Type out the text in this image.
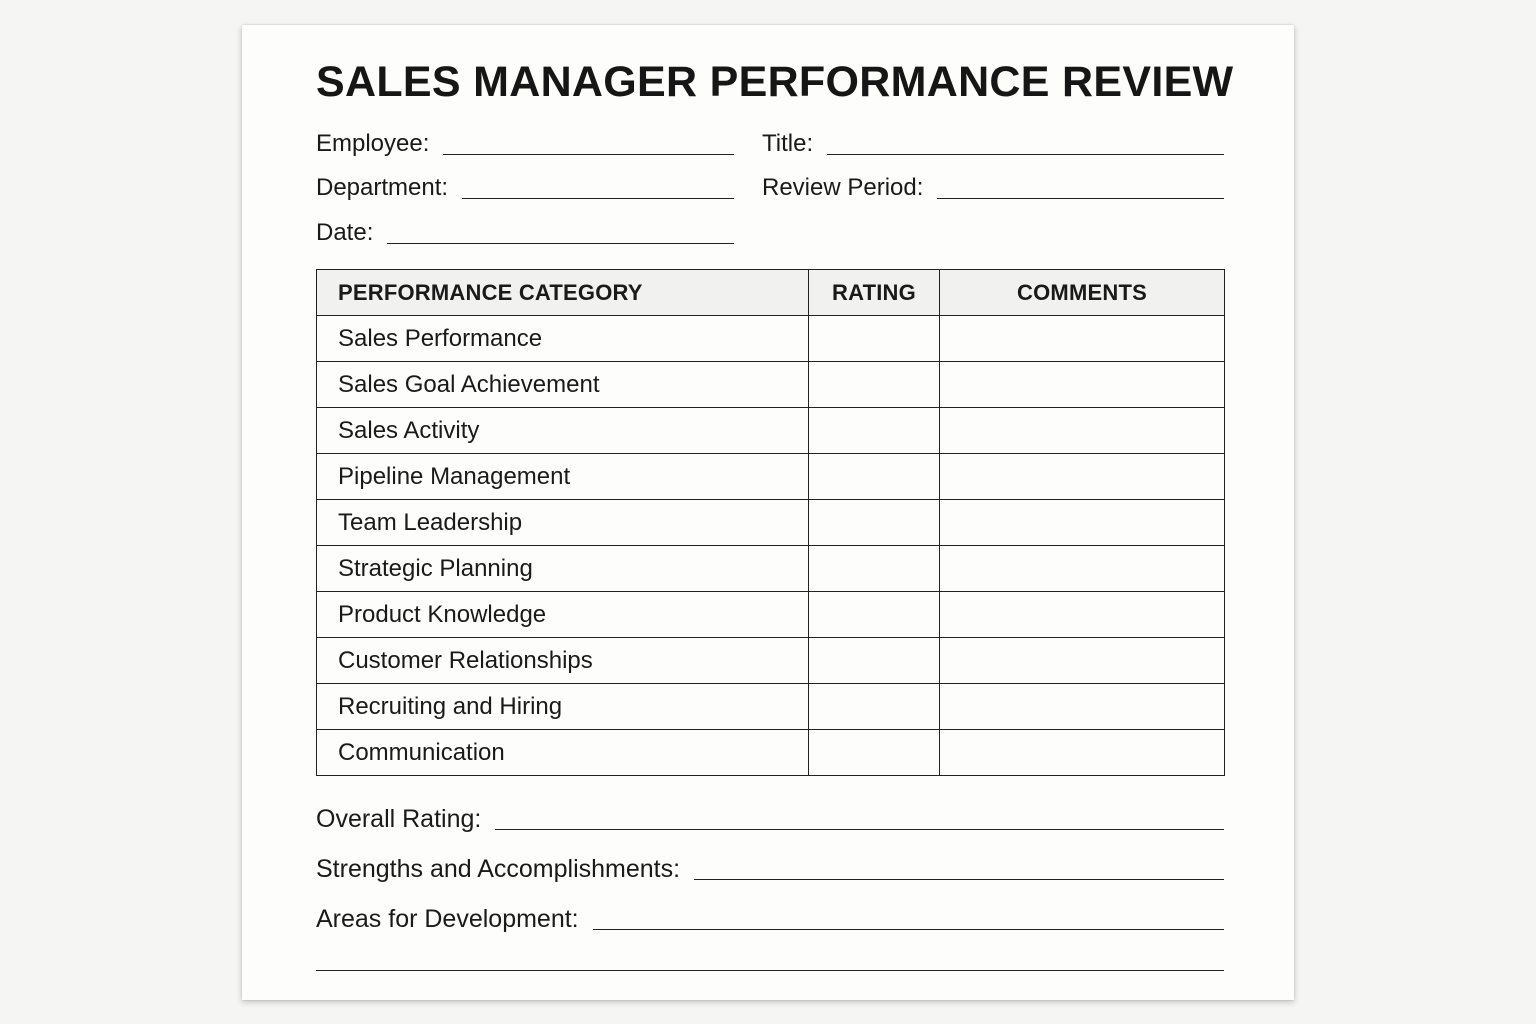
SALES MANAGER PERFORMANCE REVIEW
Employee:	Title:
Department:	Review Period:
Date:
PERFORMANCE CATEGORY	RATING	COMMENTS
Sales Performance		
Sales Goal Achievement		
Sales Activity		
Pipeline Management		
Team Leadership		
Strategic Planning		
Product Knowledge		
Customer Relationships		
Recruiting and Hiring		
Communication		
Overall Rating:
Strengths and Accomplishments:
Areas for Development:
